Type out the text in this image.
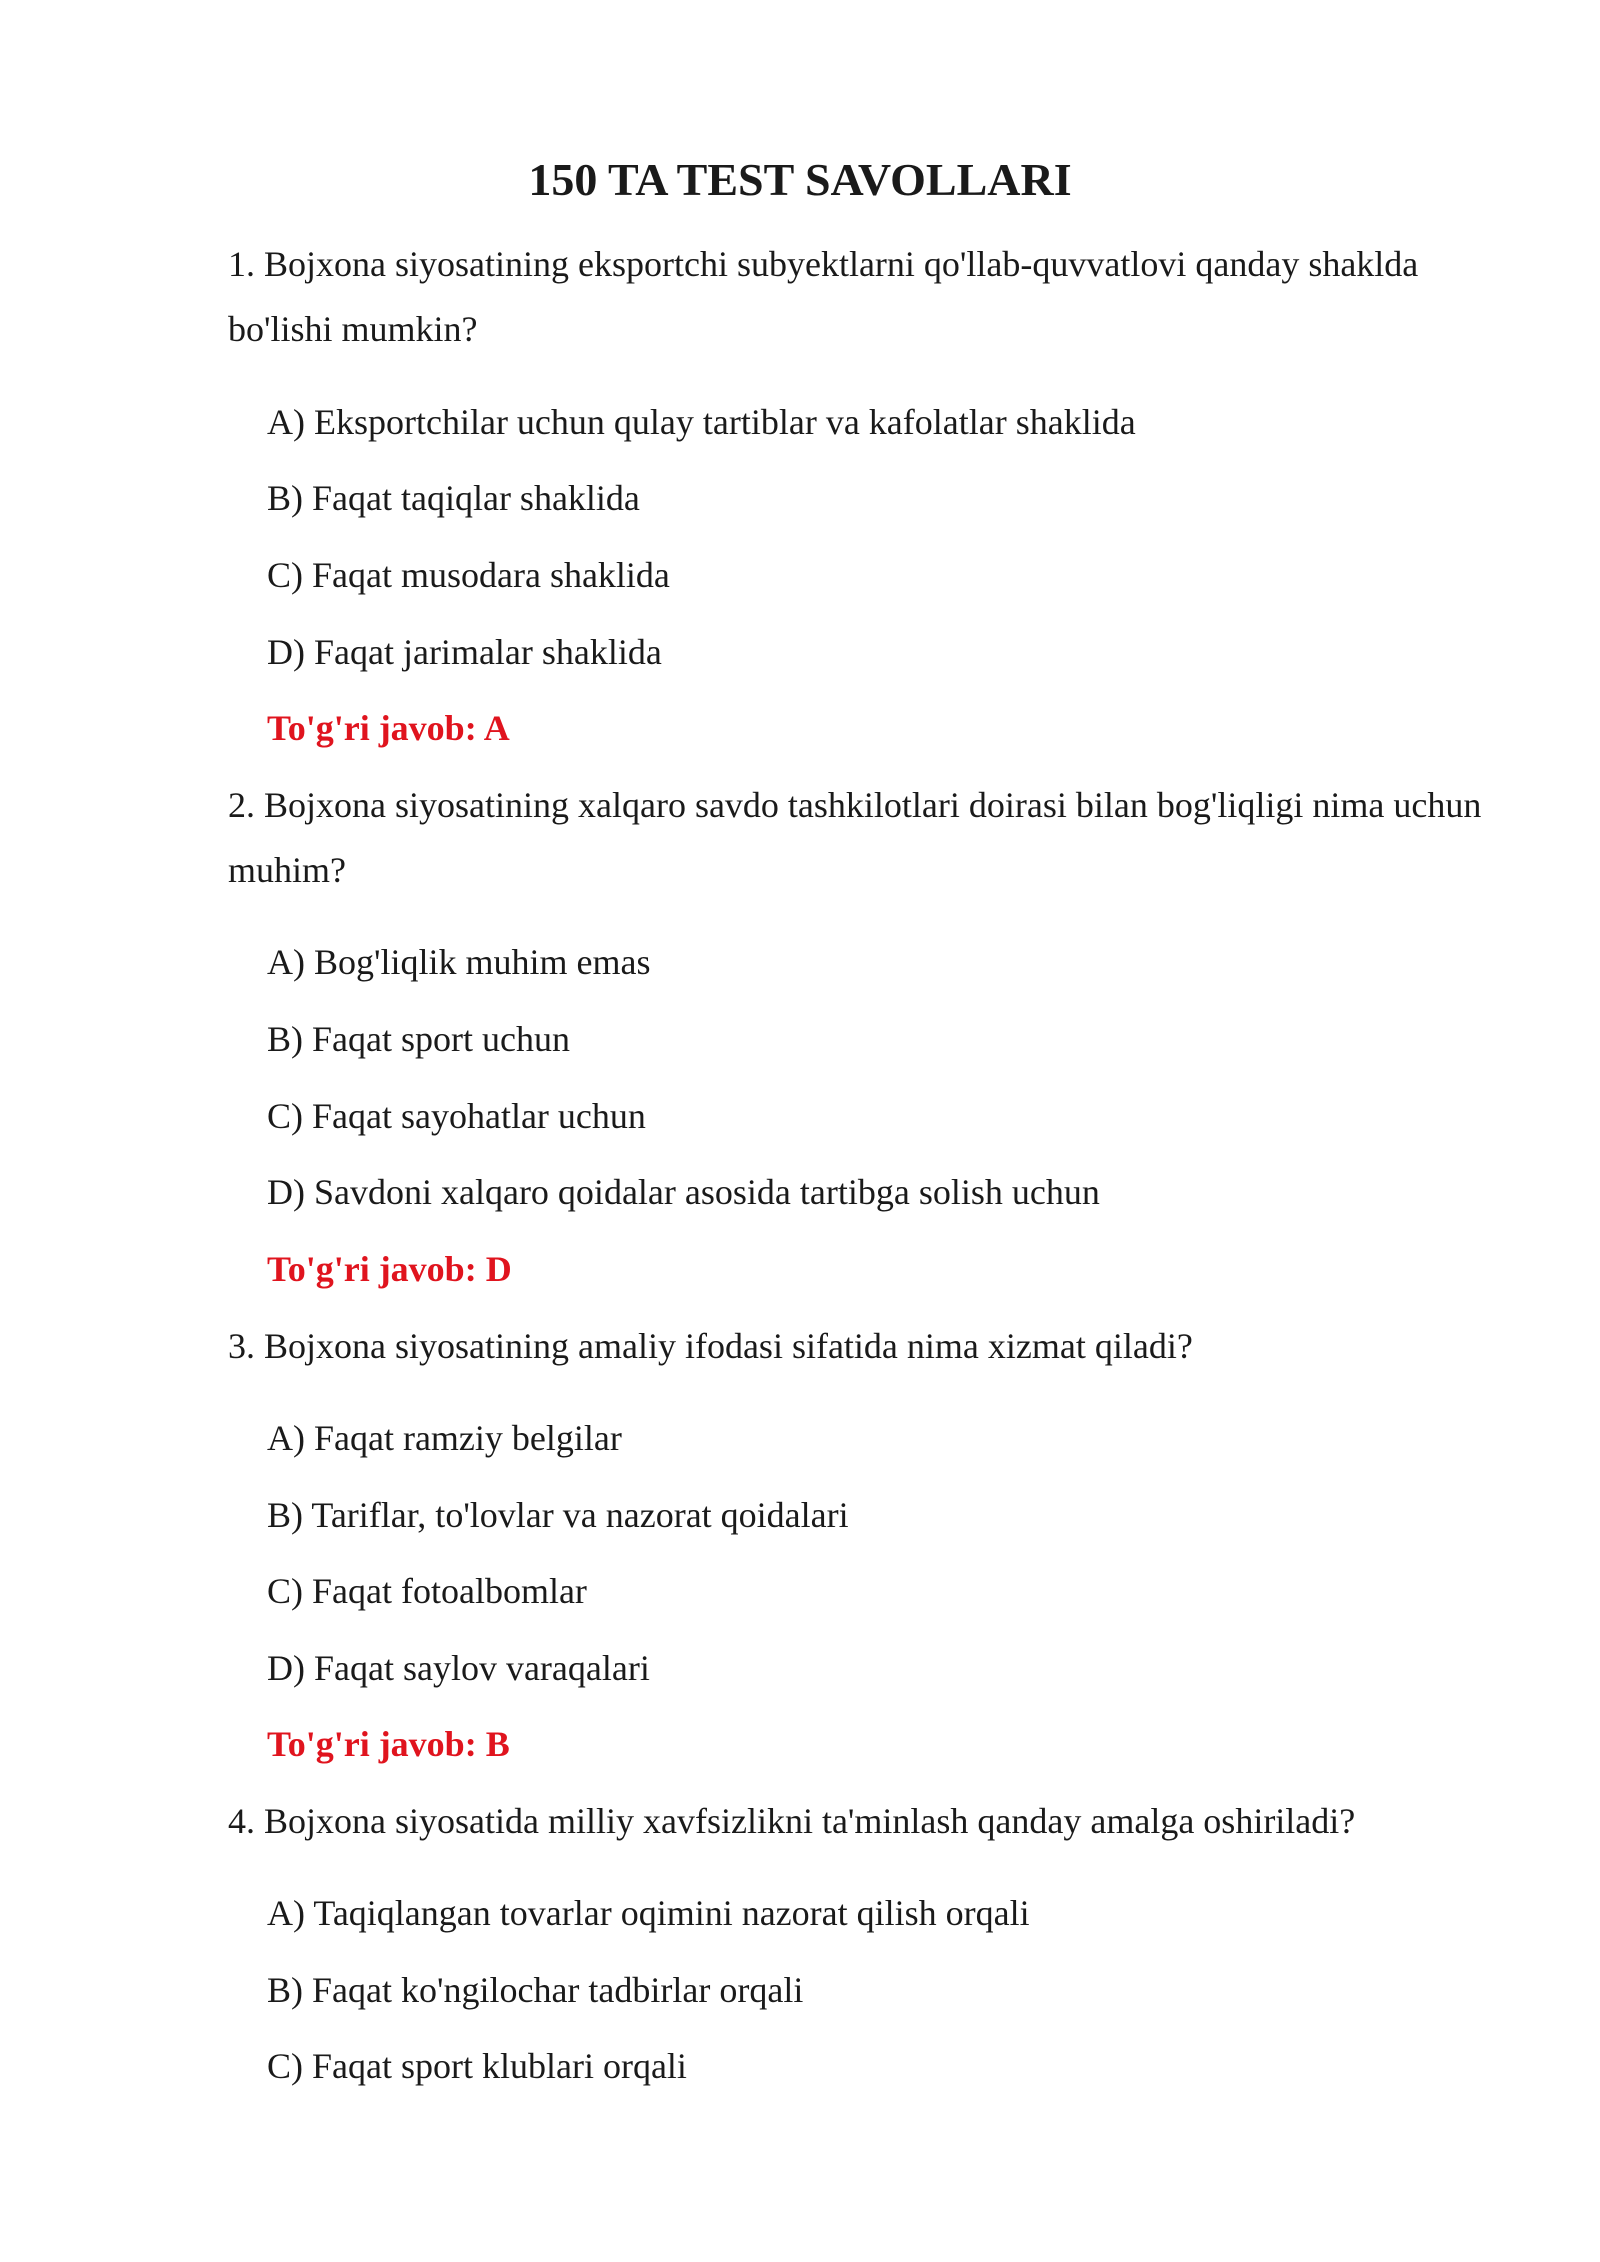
150 TA TEST SAVOLLARI

1. Bojxona siyosatining eksportchi subyektlarni qo'llab-quvvatlovi qanday shaklda bo'lishi mumkin?

A) Eksportchilar uchun qulay tartiblar va kafolatlar shaklida

B) Faqat taqiqlar shaklida

C) Faqat musodara shaklida

D) Faqat jarimalar shaklida

To'g'ri javob: A

2. Bojxona siyosatining xalqaro savdo tashkilotlari doirasi bilan bog'liqligi nima uchun muhim?

A) Bog'liqlik muhim emas

B) Faqat sport uchun

C) Faqat sayohatlar uchun

D) Savdoni xalqaro qoidalar asosida tartibga solish uchun

To'g'ri javob: D

3. Bojxona siyosatining amaliy ifodasi sifatida nima xizmat qiladi?

A) Faqat ramziy belgilar

B) Tariflar, to'lovlar va nazorat qoidalari

C) Faqat fotoalbomlar

D) Faqat saylov varaqalari

To'g'ri javob: B

4. Bojxona siyosatida milliy xavfsizlikni ta'minlash qanday amalga oshiriladi?

A) Taqiqlangan tovarlar oqimini nazorat qilish orqali

B) Faqat ko'ngilochar tadbirlar orqali

C) Faqat sport klublari orqali
